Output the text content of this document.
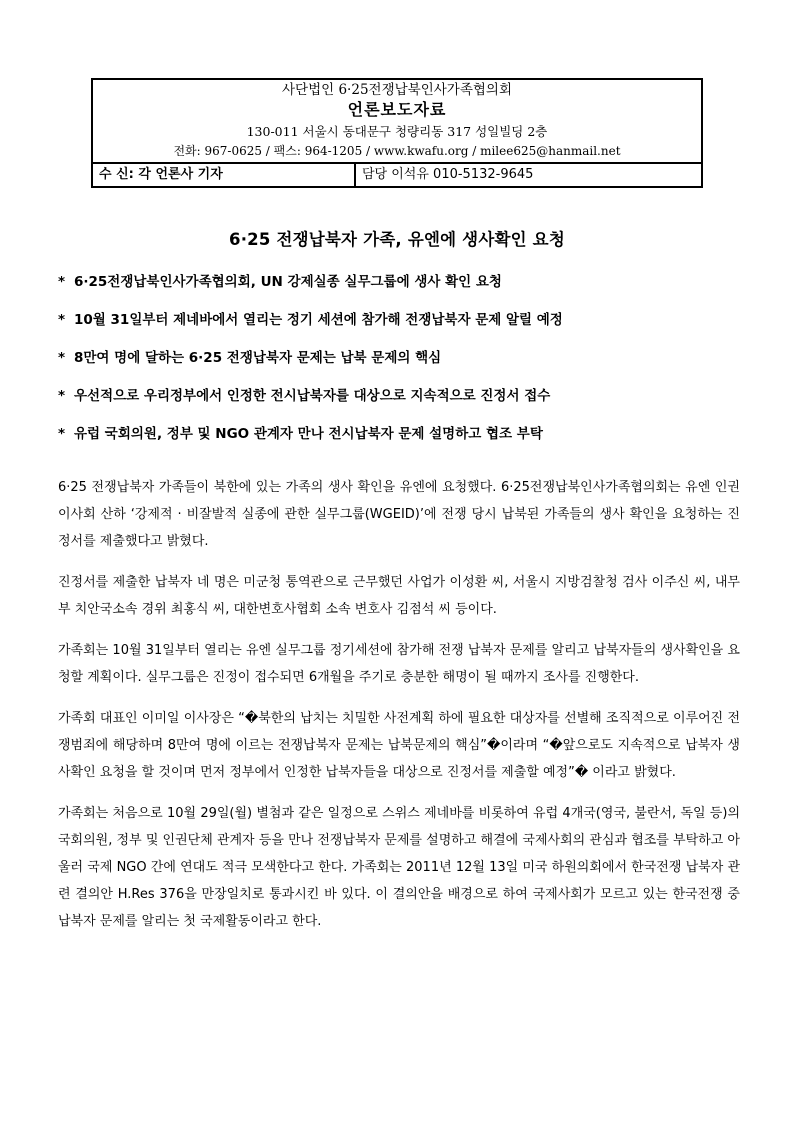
사단법인 6·25전쟁납북인사가족협의회
언론보도자료
130-011 서울시 동대문구 청량리동 317 성일빌딩 2층
전화: 967-0625 / 팩스: 964-1205 / www.kwafu.org / milee625@hanmail.net
수 신: 각 언론사 기자	담당 이석유 010-5132-9645
6·25 전쟁납북자 가족, 유엔에 생사확인 요청
* 6·25전쟁납북인사가족협의회, UN 강제실종 실무그룹에 생사 확인 요청
* 10월 31일부터 제네바에서 열리는 정기 세션에 참가해 전쟁납북자 문제 알릴 예정
* 8만여 명에 달하는 6·25 전쟁납북자 문제는 납북 문제의 핵심
* 우선적으로 우리정부에서 인정한 전시납북자를 대상으로 지속적으로 진정서 접수
* 유럽 국회의원, 정부 및 NGO 관계자 만나 전시납북자 문제 설명하고 협조 부탁

6·25 전쟁납북자 가족들이 북한에 있는 가족의 생사 확인을 유엔에 요청했다. 6·25전쟁납북인사가족협의회는 유엔 인권이사회 산하 ‘강제적 · 비잘발적 실종에 관한 실무그룹(WGEID)’에 전쟁 당시 납북된 가족들의 생사 확인을 요청하는 진정서를 제출했다고 밝혔다.

진정서를 제출한 납북자 네 명은 미군청 통역관으로 근무했던 사업가 이성환 씨, 서울시 지방검찰청 검사 이주신 씨, 내무부 치안국소속 경위 최홍식 씨, 대한변호사협회 소속 변호사 김점석 씨 등이다.

가족회는 10월 31일부터 열리는 유엔 실무그룹 정기세션에 참가해 전쟁 납북자 문제를 알리고 납북자들의 생사확인을 요청할 계획이다. 실무그룹은 진정이 접수되면 6개월을 주기로 충분한 해명이 될 때까지 조사를 진행한다.

가족회 대표인 이미일 이사장은 “�북한의 납치는 치밀한 사전계획 하에 필요한 대상자를 선별해 조직적으로 이루어진 전쟁범죄에 해당하며 8만여 명에 이르는 전쟁납북자 문제는 납북문제의 핵심”�이라며 “�앞으로도 지속적으로 납북자 생사확인 요청을 할 것이며 먼저 정부에서 인정한 납북자들을 대상으로 진정서를 제출할 예정”� 이라고 밝혔다.

가족회는 처음으로 10월 29일(월) 별첨과 같은 일정으로 스위스 제네바를 비롯하여 유럽 4개국(영국, 불란서, 독일 등)의 국회의원, 정부 및 인권단체 관계자 등을 만나 전쟁납북자 문제를 설명하고 해결에 국제사회의 관심과 협조를 부탁하고 아울러 국제 NGO 간에 연대도 적극 모색한다고 한다. 가족회는 2011년 12월 13일 미국 하원의회에서 한국전쟁 납북자 관련 결의안 H.Res 376을 만장일치로 통과시킨 바 있다. 이 결의안을 배경으로 하여 국제사회가 모르고 있는 한국전쟁 중 납북자 문제를 알리는 첫 국제활동이라고 한다.
